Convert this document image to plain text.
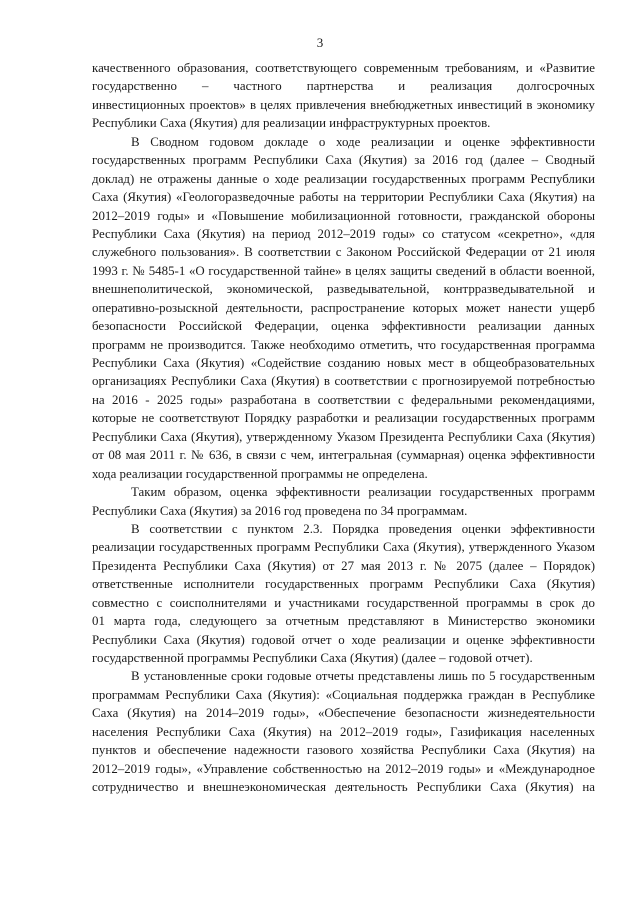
3
качественного образования, соответствующего современным требованиям, и «Развитие
государственно – частного партнерства и реализация долгосрочных
инвестиционных проектов» в целях привлечения внебюджетных инвестиций в экономику
Республики Саха (Якутия) для реализации инфраструктурных проектов.
В Сводном годовом докладе о ходе реализации и оценке эффективности
государственных программ Республики Саха (Якутия) за 2016 год (далее – Сводный
доклад) не отражены данные о ходе реализации государственных программ Республики
Саха (Якутия) «Геологоразведочные работы на территории Республики Саха (Якутия) на
2012–2019 годы» и «Повышение мобилизационной готовности, гражданской обороны
Республики Саха (Якутия) на период 2012–2019 годы» со статусом «секретно», «для
служебного пользования». В соответствии с Законом Российской Федерации от 21 июля
1993 г. № 5485-1 «О государственной тайне» в целях защиты сведений в области военной,
внешнеполитической, экономической, разведывательной, контрразведывательной и
оперативно-розыскной деятельности, распространение которых может нанести ущерб
безопасности Российской Федерации, оценка эффективности реализации данных
программ не производится. Также необходимо отметить, что государственная программа
Республики Саха (Якутия) «Содействие созданию новых мест в общеобразовательных
организациях Республики Саха (Якутия) в соответствии с прогнозируемой потребностью
на 2016 - 2025 годы» разработана в соответствии с федеральными рекомендациями,
которые не соответствуют Порядку разработки и реализации государственных программ
Республики Саха (Якутия), утвержденному Указом Президента Республики Саха (Якутия)
от 08 мая 2011 г. № 636, в связи с чем, интегральная (суммарная) оценка эффективности
хода реализации государственной программы не определена.
Таким образом, оценка эффективности реализации государственных программ
Республики Саха (Якутия) за 2016 год проведена по 34 программам.
В соответствии с пунктом 2.3. Порядка проведения оценки эффективности
реализации государственных программ Республики Саха (Якутия), утвержденного Указом
Президента Республики Саха (Якутия) от 27 мая 2013 г. № 2075 (далее – Порядок)
ответственные исполнители государственных программ Республики Саха (Якутия)
совместно с соисполнителями и участниками государственной программы в срок до
01 марта года, следующего за отчетным представляют в Министерство экономики
Республики Саха (Якутия) годовой отчет о ходе реализации и оценке эффективности
государственной программы Республики Саха (Якутия) (далее – годовой отчет).
В установленные сроки годовые отчеты представлены лишь по 5 государственным
программам Республики Саха (Якутия): «Социальная поддержка граждан в Республике
Саха (Якутия) на 2014–2019 годы», «Обеспечение безопасности жизнедеятельности
населения Республики Саха (Якутия) на 2012–2019 годы», Газификация населенных
пунктов и обеспечение надежности газового хозяйства Республики Саха (Якутия) на
2012–2019 годы», «Управление собственностью на 2012–2019 годы» и «Международное
сотрудничество и внешнеэкономическая деятельность Республики Саха (Якутия) на
